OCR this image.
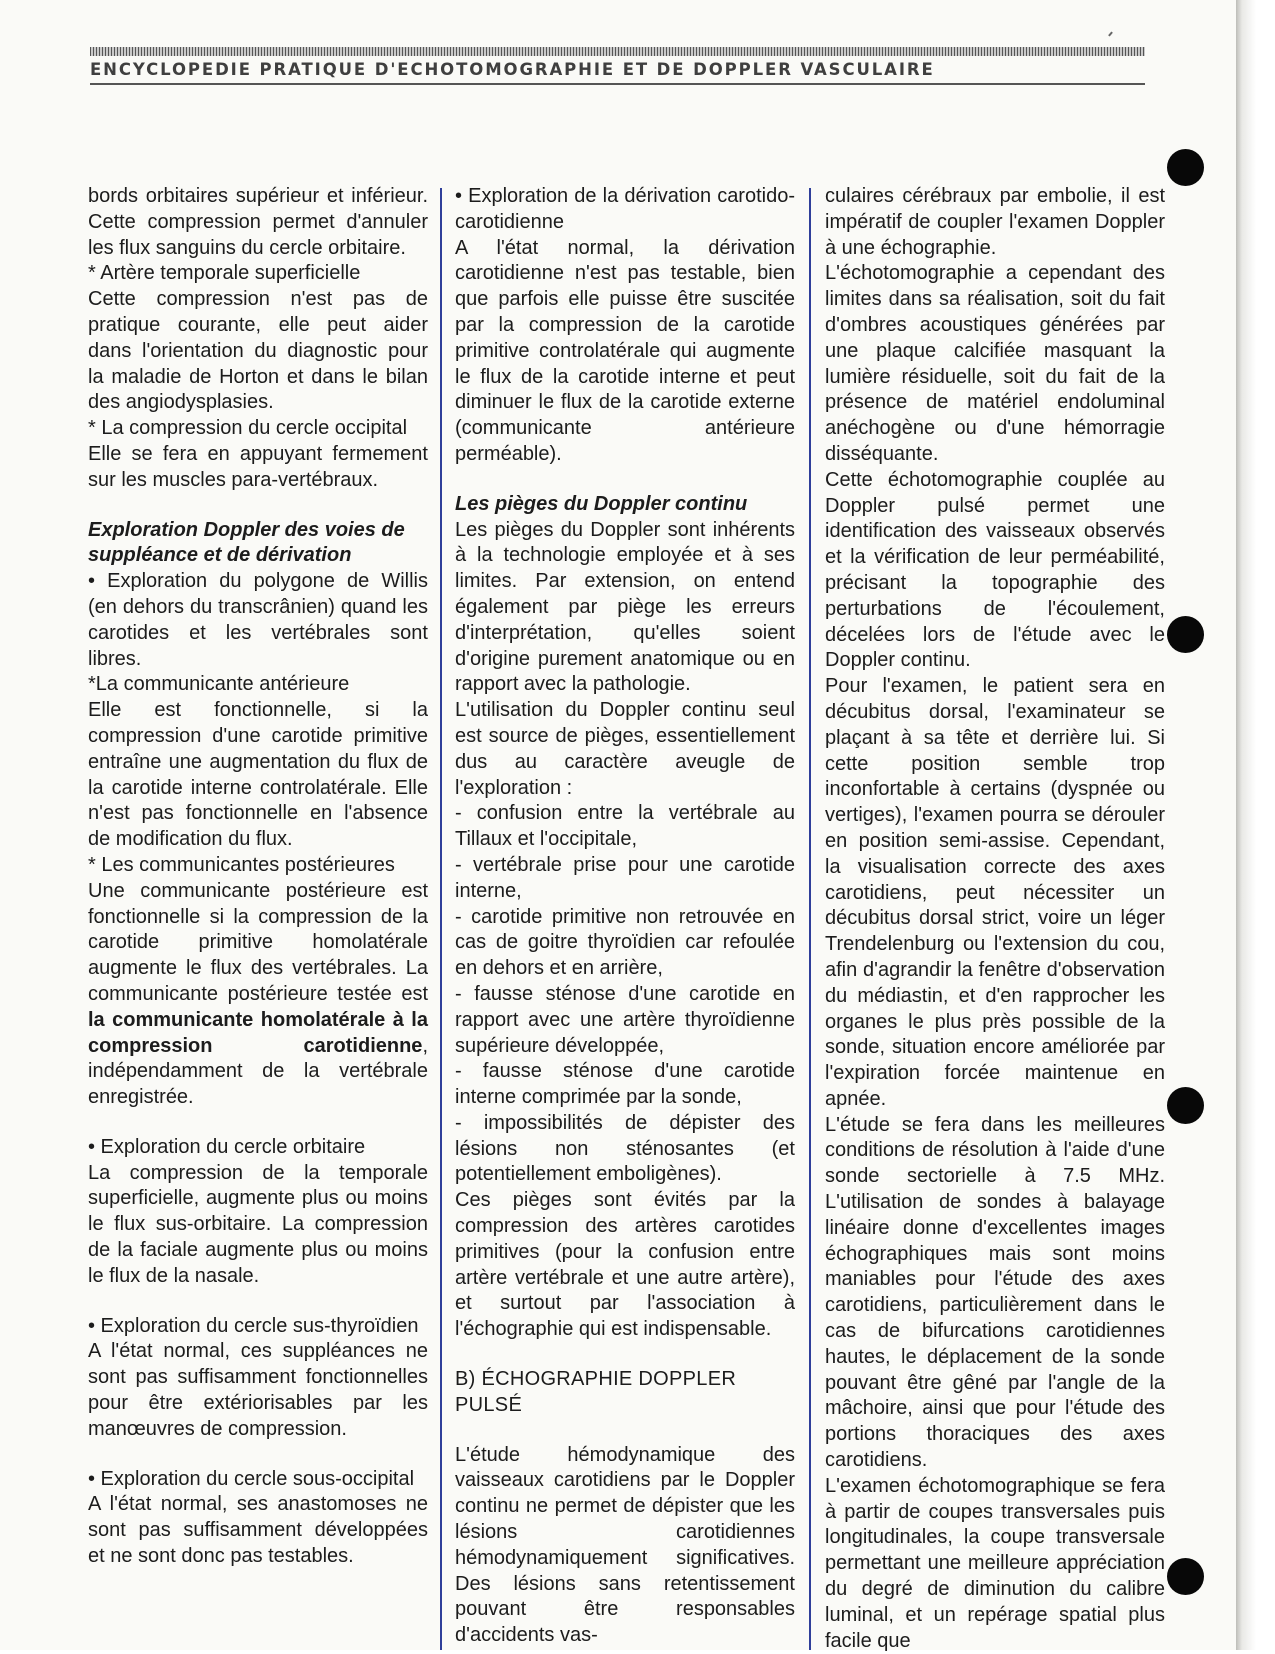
ENCYCLOPEDIE PRATIQUE D'ECHOTOMOGRAPHIE ET DE DOPPLER VASCULAIRE

bords orbitaires supérieur et inférieur. Cette compression permet d'annuler les flux sanguins du cercle orbitaire.

* Artère temporale superficielle

Cette compression n'est pas de pratique courante, elle peut aider dans l'orientation du diagnostic pour la maladie de Horton et dans le bilan des angiodysplasies.

* La compression du cercle occipital

Elle se fera en appuyant fermement sur les muscles para-vertébraux.

Exploration Doppler des voies de suppléance et de dérivation

• Exploration du polygone de Willis (en dehors du transcrânien) quand les carotides et les vertébrales sont libres.

*La communicante antérieure

Elle est fonctionnelle, si la compression d'une carotide primitive entraîne une augmentation du flux de la carotide interne controlatérale. Elle n'est pas fonctionnelle en l'absence de modification du flux.

* Les communicantes postérieures

Une communicante postérieure est fonctionnelle si la compression de la carotide primitive homolatérale augmente le flux des vertébrales. La communicante postérieure testée est la communicante homolatérale à la compression carotidienne, indépendamment de la vertébrale enregistrée.

• Exploration du cercle orbitaire

La compression de la temporale superficielle, augmente plus ou moins le flux sus-orbitaire. La compression de la faciale augmente plus ou moins le flux de la nasale.

• Exploration du cercle sus-thyroïdien

A l'état normal, ces suppléances ne sont pas suffisamment fonctionnelles pour être extériorisables par les manœuvres de compression.

• Exploration du cercle sous-occipital

A l'état normal, ses anastomoses ne sont pas suffisamment développées et ne sont donc pas testables.

• Exploration de la dérivation carotido-carotidienne

A l'état normal, la dérivation carotidienne n'est pas testable, bien que parfois elle puisse être suscitée par la compression de la carotide primitive controlatérale qui augmente le flux de la carotide interne et peut diminuer le flux de la carotide externe (communicante antérieure perméable).

Les pièges du Doppler continu

Les pièges du Doppler sont inhérents à la technologie employée et à ses limites. Par extension, on entend également par piège les erreurs d'interprétation, qu'elles soient d'origine purement anatomique ou en rapport avec la pathologie.

L'utilisation du Doppler continu seul est source de pièges, essentiellement dus au caractère aveugle de l'exploration :

- confusion entre la vertébrale au Tillaux et l'occipitale,

- vertébrale prise pour une carotide interne,

- carotide primitive non retrouvée en cas de goitre thyroïdien car refoulée en dehors et en arrière,

- fausse sténose d'une carotide en rapport avec une artère thyroïdienne supérieure développée,

- fausse sténose d'une carotide interne comprimée par la sonde,

- impossibilités de dépister des lésions non sténosantes (et potentiellement emboligènes).

Ces pièges sont évités par la compression des artères carotides primitives (pour la confusion entre artère vertébrale et une autre artère), et surtout par l'association à l'échographie qui est indispensable.

B) ÉCHOGRAPHIE DOPPLER PULSÉ

L'étude hémodynamique des vaisseaux carotidiens par le Doppler continu ne permet de dépister que les lésions carotidiennes hémodynamiquement significatives. Des lésions sans retentissement pouvant être responsables d'accidents vas-

culaires cérébraux par embolie, il est impératif de coupler l'examen Doppler à une échographie.

L'échotomographie a cependant des limites dans sa réalisation, soit du fait d'ombres acoustiques générées par une plaque calcifiée masquant la lumière résiduelle, soit du fait de la présence de matériel endoluminal anéchogène ou d'une hémorragie disséquante.

Cette échotomographie couplée au Doppler pulsé permet une identification des vaisseaux observés et la vérification de leur perméabilité, précisant la topographie des perturbations de l'écoulement, décelées lors de l'étude avec le Doppler continu.

Pour l'examen, le patient sera en décubitus dorsal, l'examinateur se plaçant à sa tête et derrière lui. Si cette position semble trop inconfortable à certains (dyspnée ou vertiges), l'examen pourra se dérouler en position semi-assise. Cependant, la visualisation correcte des axes carotidiens, peut nécessiter un décubitus dorsal strict, voire un léger Trendelenburg ou l'extension du cou, afin d'agrandir la fenêtre d'observation du médiastin, et d'en rapprocher les organes le plus près possible de la sonde, situation encore améliorée par l'expiration forcée maintenue en apnée.

L'étude se fera dans les meilleures conditions de résolution à l'aide d'une sonde sectorielle à 7.5 MHz. L'utilisation de sondes à balayage linéaire donne d'excellentes images échographiques mais sont moins maniables pour l'étude des axes carotidiens, particulièrement dans le cas de bifurcations carotidiennes hautes, le déplacement de la sonde pouvant être gêné par l'angle de la mâchoire, ainsi que pour l'étude des portions thoraciques des axes carotidiens.

L'examen échotomographique se fera à partir de coupes transversales puis longitudinales, la coupe transversale permettant une meilleure appréciation du degré de diminution du calibre luminal, et un repérage spatial plus facile que
